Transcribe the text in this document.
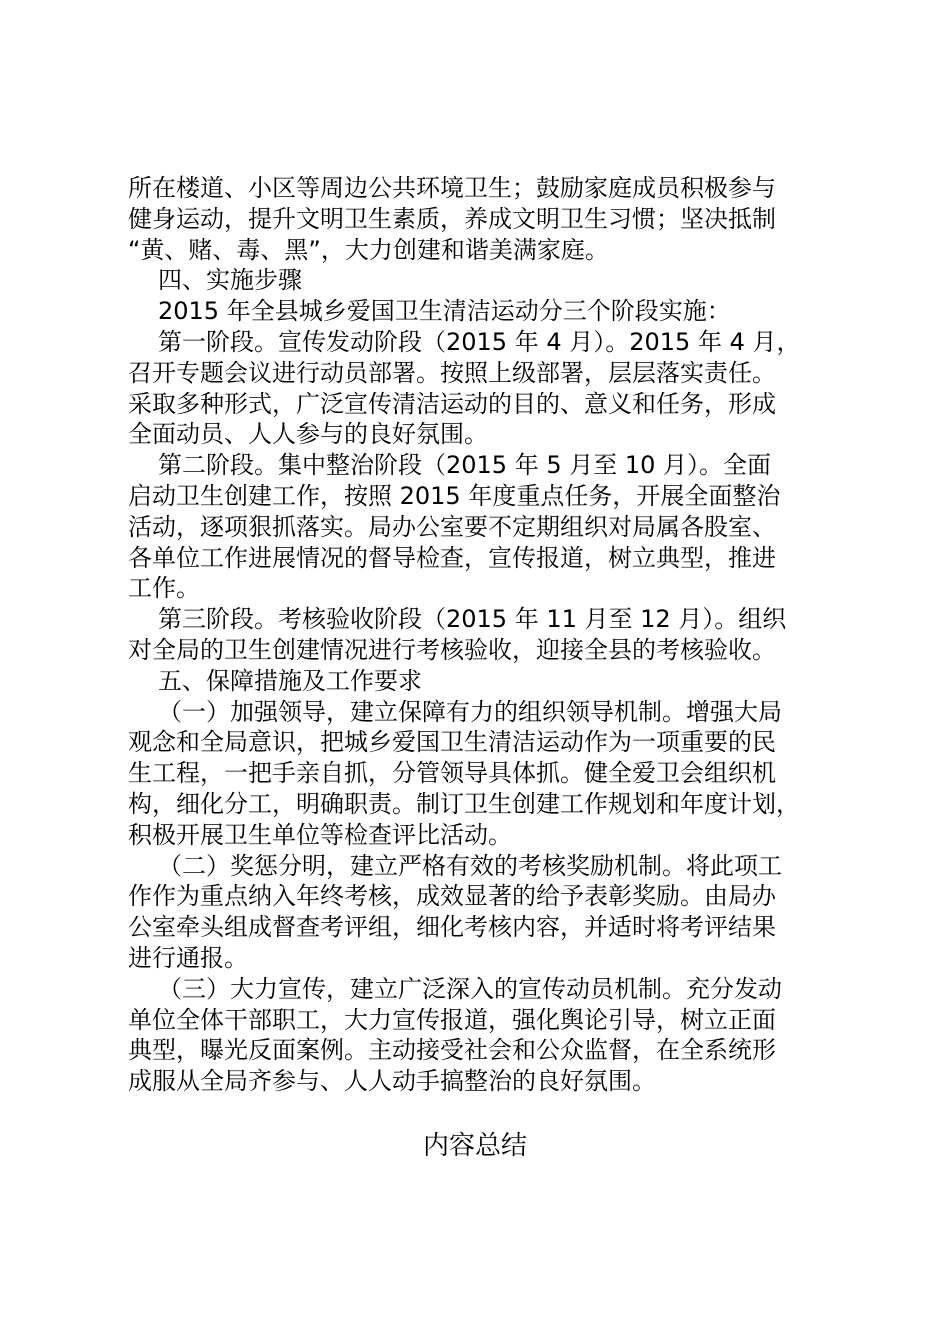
所在楼道、小区等周边公共环境卫生；鼓励家庭成员积极参与
健身运动，提升文明卫生素质，养成文明卫生习惯；坚决抵制
“黄、赌、毒、黑”，大力创建和谐美满家庭。
四、实施步骤
2015 年全县城乡爱国卫生清洁运动分三个阶段实施：
第一阶段。宣传发动阶段（2015 年 4 月）。2015 年 4 月，
召开专题会议进行动员部署。按照上级部署，层层落实责任。
采取多种形式，广泛宣传清洁运动的目的、意义和任务，形成
全面动员、人人参与的良好氛围。
第二阶段。集中整治阶段（2015 年 5 月至 10 月）。全面
启动卫生创建工作，按照 2015 年度重点任务，开展全面整治
活动，逐项狠抓落实。局办公室要不定期组织对局属各股室、
各单位工作进展情况的督导检查，宣传报道，树立典型，推进
工作。
第三阶段。考核验收阶段（2015 年 11 月至 12 月）。组织
对全局的卫生创建情况进行考核验收，迎接全县的考核验收。
五、保障措施及工作要求
（一）加强领导，建立保障有力的组织领导机制。增强大局
观念和全局意识，把城乡爱国卫生清洁运动作为一项重要的民
生工程，一把手亲自抓，分管领导具体抓。健全爱卫会组织机
构，细化分工，明确职责。制订卫生创建工作规划和年度计划，
积极开展卫生单位等检查评比活动。
（二）奖惩分明，建立严格有效的考核奖励机制。将此项工
作作为重点纳入年终考核，成效显著的给予表彰奖励。由局办
公室牵头组成督查考评组，细化考核内容，并适时将考评结果
进行通报。
（三）大力宣传，建立广泛深入的宣传动员机制。充分发动
单位全体干部职工，大力宣传报道，强化舆论引导，树立正面
典型，曝光反面案例。主动接受社会和公众监督，在全系统形
成服从全局齐参与、人人动手搞整治的良好氛围。
内容总结
